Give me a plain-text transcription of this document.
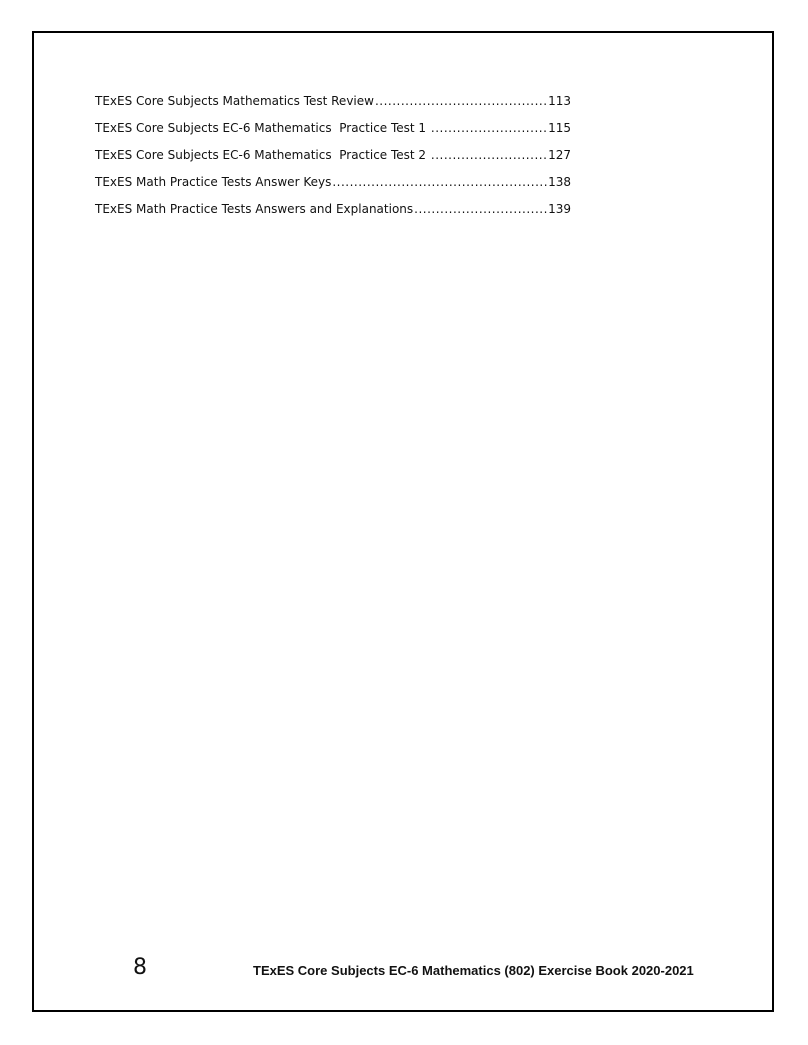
TExES Core Subjects Mathematics Test Review .....	113
TExES Core Subjects EC-6 Mathematics  Practice Test 1 .....	115
TExES Core Subjects EC-6 Mathematics  Practice Test 2 .....	127
TExES Math Practice Tests Answer Keys .....	138
TExES Math Practice Tests Answers and Explanations .....	139
8	TExES Core Subjects EC-6 Mathematics (802) Exercise Book 2020-2021
